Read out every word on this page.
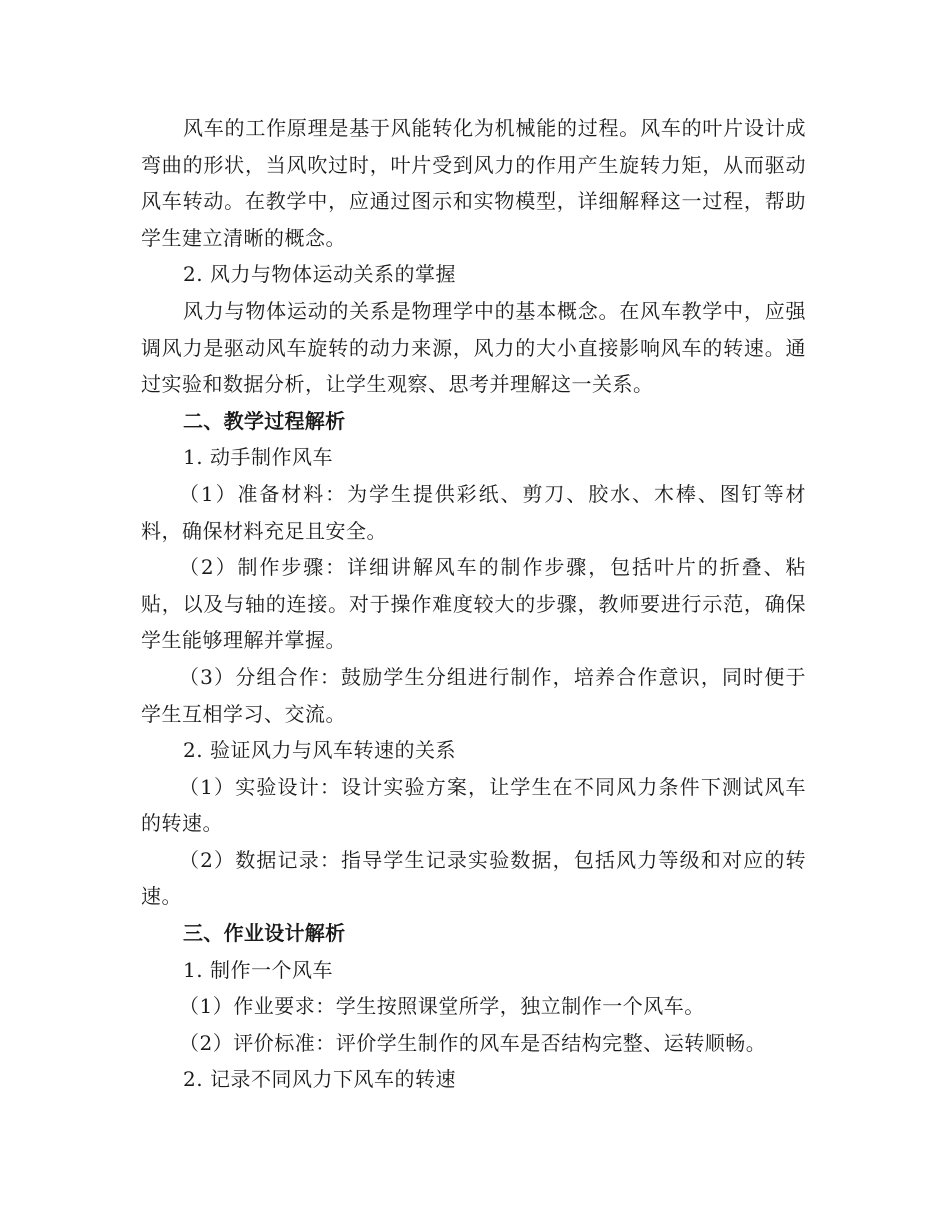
风车的工作原理是基于风能转化为机械能的过程。风车的叶片设计成弯曲的形状，当风吹过时，叶片受到风力的作用产生旋转力矩，从而驱动风车转动。在教学中，应通过图示和实物模型，详细解释这一过程，帮助学生建立清晰的概念。

2. 风力与物体运动关系的掌握

风力与物体运动的关系是物理学中的基本概念。在风车教学中，应强调风力是驱动风车旋转的动力来源，风力的大小直接影响风车的转速。通过实验和数据分析，让学生观察、思考并理解这一关系。

二、教学过程解析

1. 动手制作风车

（1）准备材料：为学生提供彩纸、剪刀、胶水、木棒、图钉等材料，确保材料充足且安全。

（2）制作步骤：详细讲解风车的制作步骤，包括叶片的折叠、粘贴，以及与轴的连接。对于操作难度较大的步骤，教师要进行示范，确保学生能够理解并掌握。

（3）分组合作：鼓励学生分组进行制作，培养合作意识，同时便于学生互相学习、交流。

2. 验证风力与风车转速的关系

（1）实验设计：设计实验方案，让学生在不同风力条件下测试风车的转速。

（2）数据记录：指导学生记录实验数据，包括风力等级和对应的转速。

三、作业设计解析

1. 制作一个风车

（1）作业要求：学生按照课堂所学，独立制作一个风车。

（2）评价标准：评价学生制作的风车是否结构完整、运转顺畅。

2. 记录不同风力下风车的转速
